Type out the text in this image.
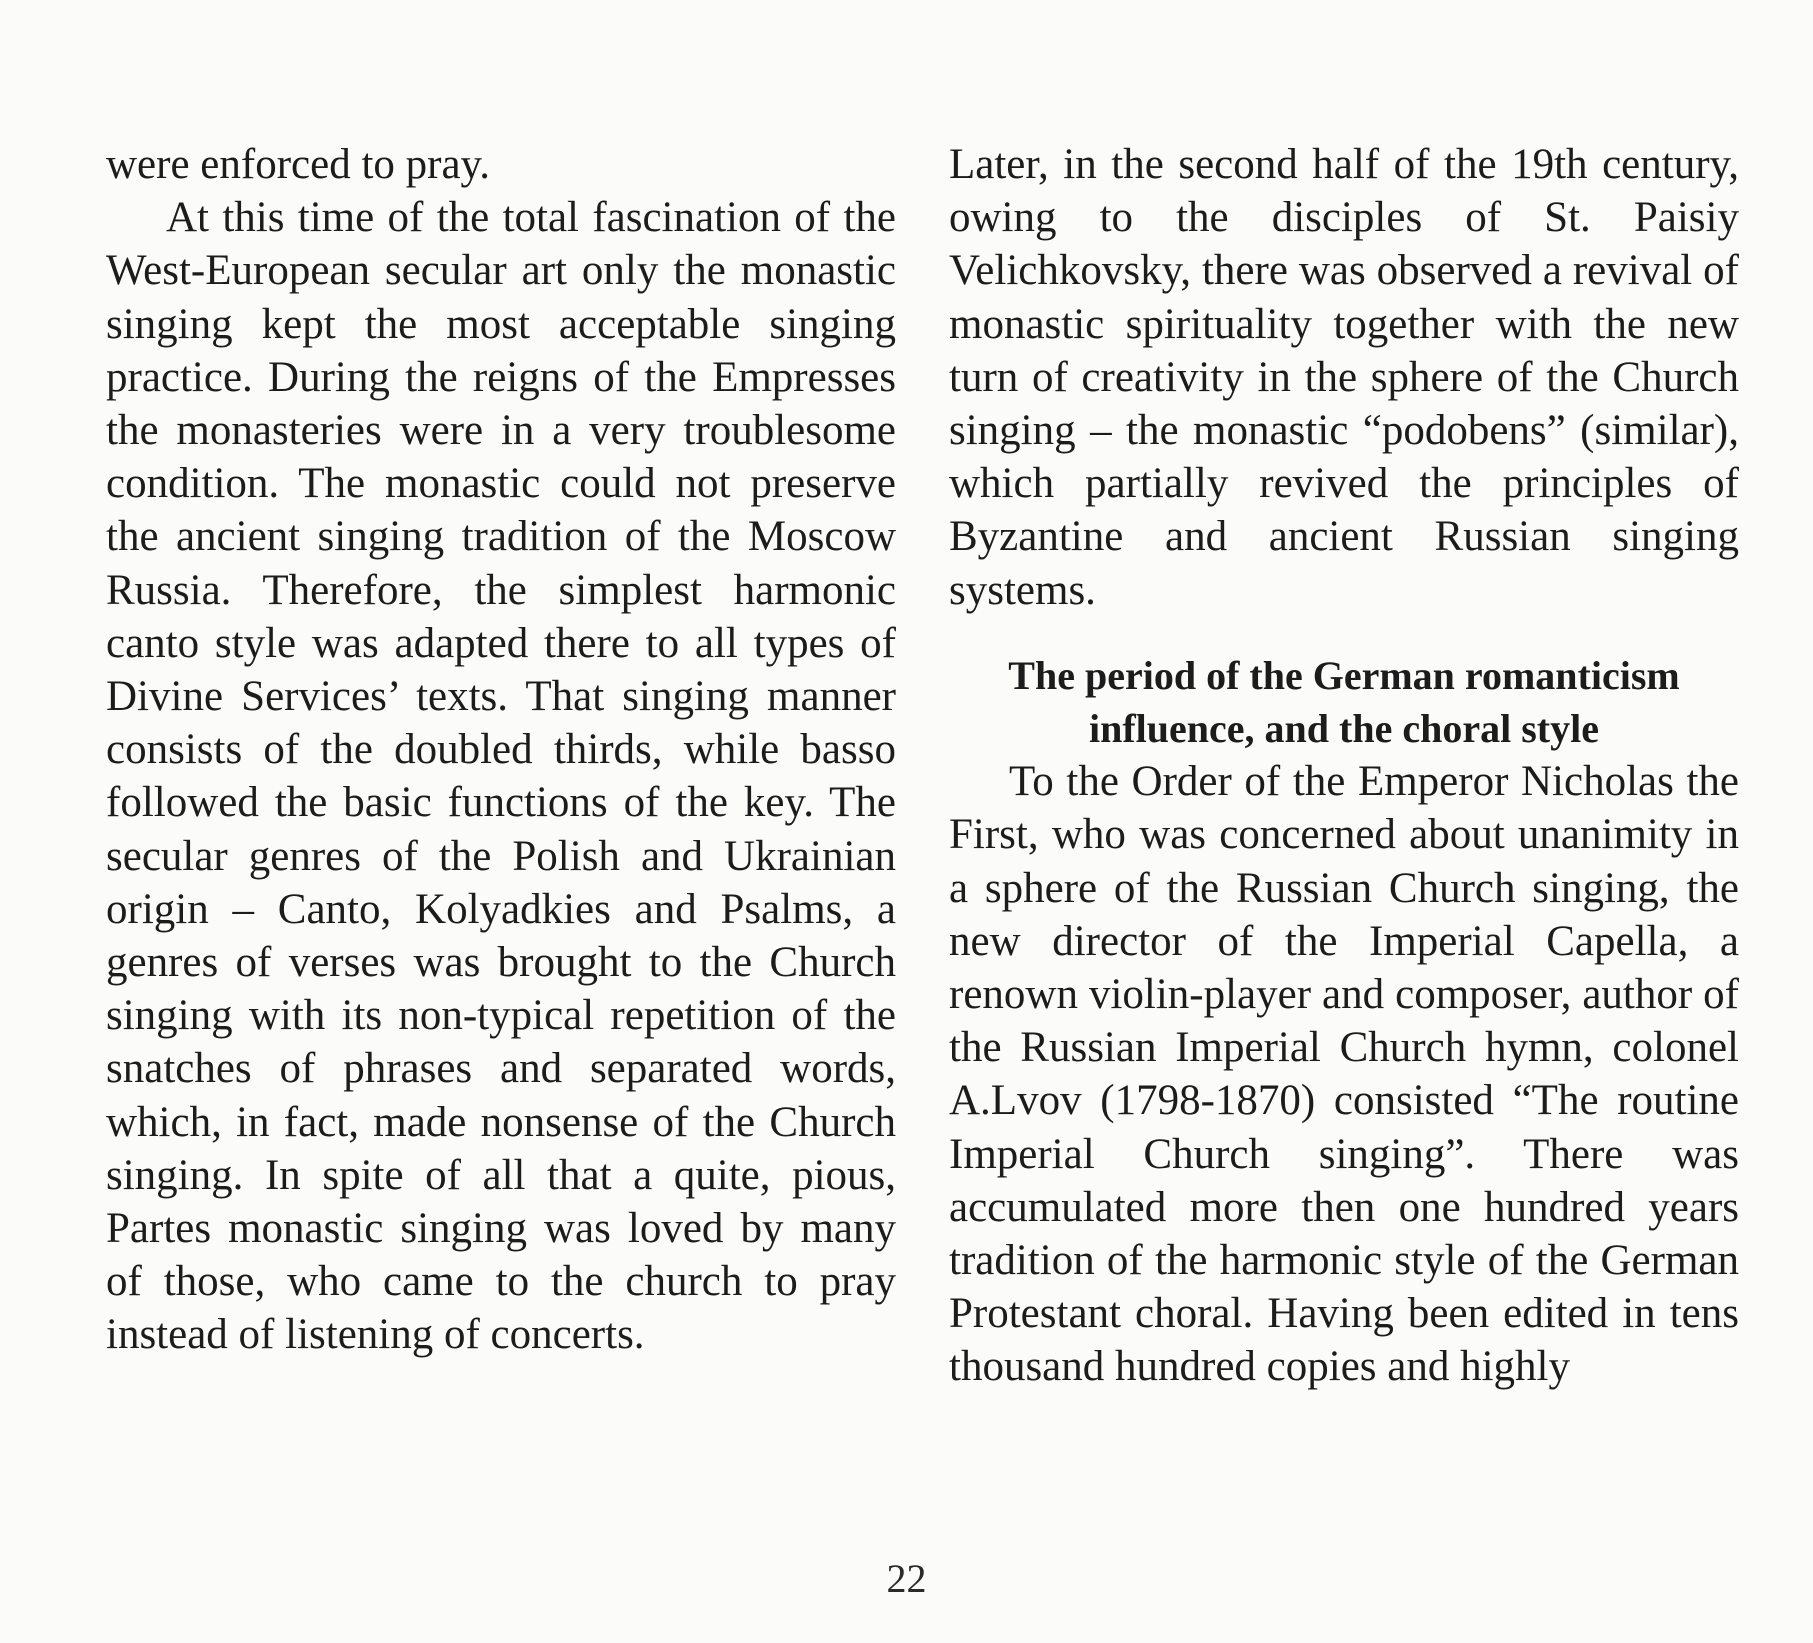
were enforced to pray.

At this time of the total fascination of the West-European secular art only the monastic singing kept the most acceptable singing practice. During the reigns of the Empresses the monasteries were in a very troublesome condition. The monastic could not preserve the ancient singing tradition of the Moscow Russia. Therefore, the simplest harmonic canto style was adapted there to all types of Divine Services’ texts. That singing manner consists of the doubled thirds, while basso followed the basic functions of the key. The secular genres of the Polish and Ukrainian origin – Canto, Kolyadkies and Psalms, a genres of verses was brought to the Church singing with its non-typical repetition of the snatches of phrases and separated words, which, in fact, made nonsense of the Church singing. In spite of all that a quite, pious, Partes monastic singing was loved by many of those, who came to the church to pray instead of listening of concerts.

Later, in the second half of the 19th century, owing to the disciples of St. Paisiy Velichkovsky, there was observed a revival of monastic spirituality together with the new turn of creativity in the sphere of the Church singing – the monastic “podobens” (similar), which partially revived the principles of Byzantine and ancient Russian singing systems.

The period of the German romanticism influence, and the choral style

To the Order of the Emperor Nicholas the First, who was concerned about unanimity in a sphere of the Russian Church singing, the new director of the Imperial Capella, a renown violin-player and composer, author of the Russian Imperial Church hymn, colonel A.Lvov (1798-1870) consisted “The routine Imperial Church singing”. There was accumulated more then one hundred years tradition of the harmonic style of the German Protestant choral. Having been edited in tens thousand hundred copies and highly

22
